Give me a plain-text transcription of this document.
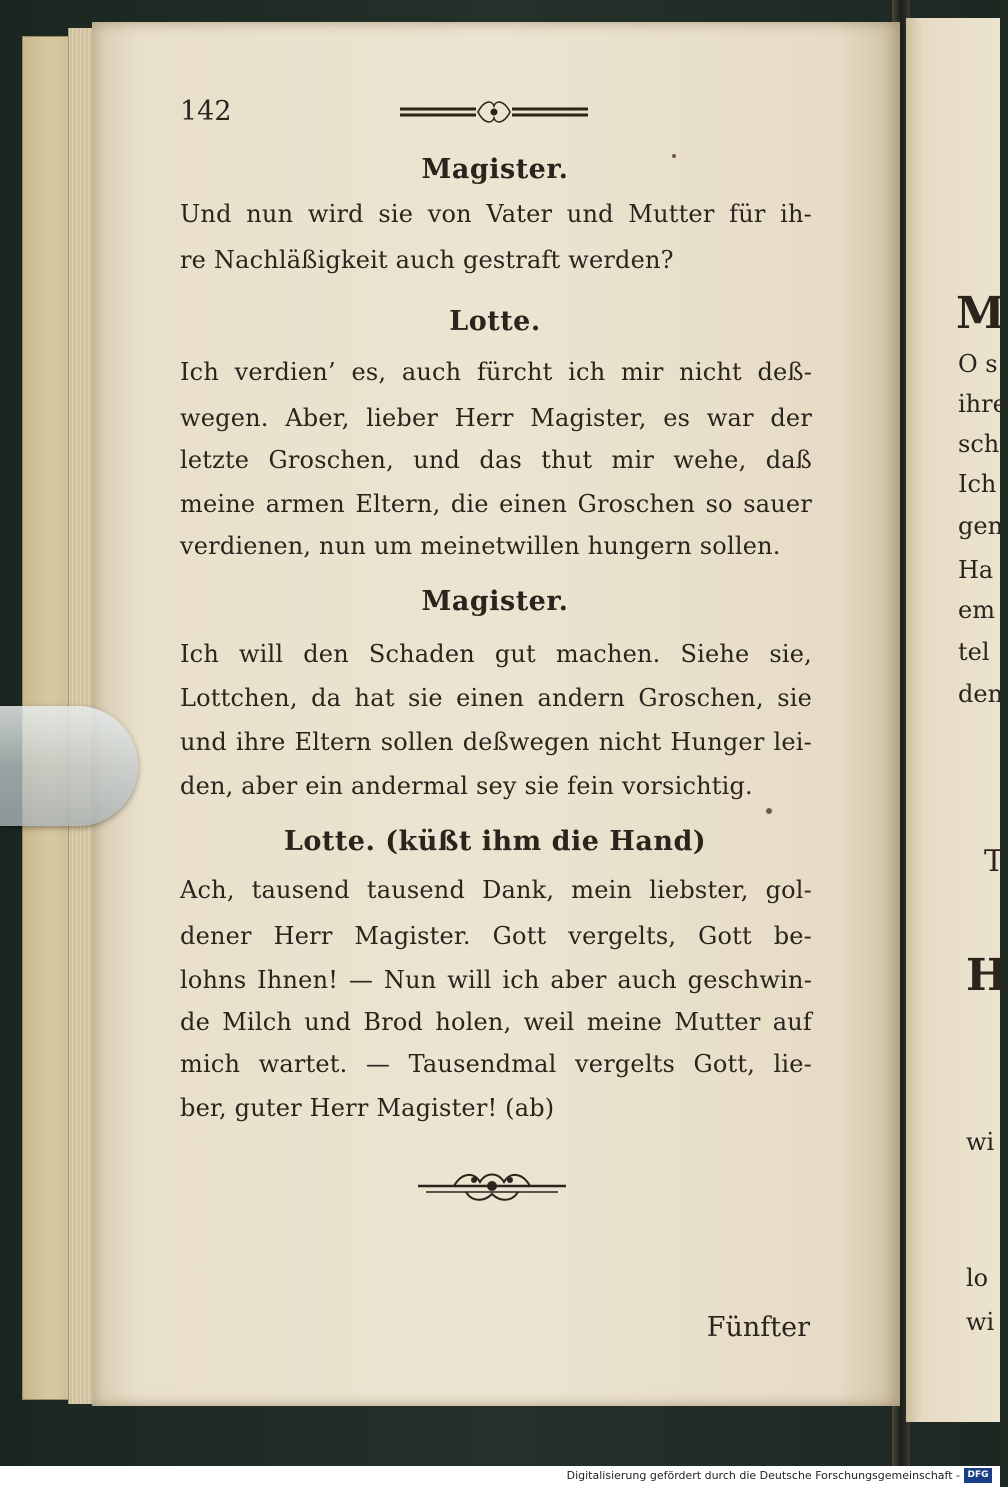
142
Magister.
Und nun wird sie von Vater und Mutter für ih-
re Nachläßigkeit auch gestraft werden?
Lotte.
Ich verdien’ es, auch fürcht ich mir nicht deß-
wegen. Aber, lieber Herr Magister, es war der
letzte Groschen, und das thut mir wehe, daß
meine armen Eltern, die einen Groschen so sauer
verdienen, nun um meinetwillen hungern sollen.
Magister.
Ich will den Schaden gut machen. Siehe sie,
Lottchen, da hat sie einen andern Groschen, sie
und ihre Eltern sollen deßwegen nicht Hunger lei-
den, aber ein andermal sey sie fein vorsichtig.
Lotte. (küßt ihm die Hand)
Ach, tausend tausend Dank, mein liebster, gol-
dener Herr Magister. Gott vergelts, Gott be-
lohns Ihnen! — Nun will ich aber auch geschwin-
de Milch und Brod holen, weil meine Mutter auf
mich wartet. — Tausendmal vergelts Gott, lie-
ber, guter Herr Magister! (ab)
Fünfter
M
O s
ihre
sch
Ich
gen
Ha
em
tel
den
T
H
wi
lo
wi
Digitalisierung gefördert durch die Deutsche Forschungsgemeinschaft - DFG
